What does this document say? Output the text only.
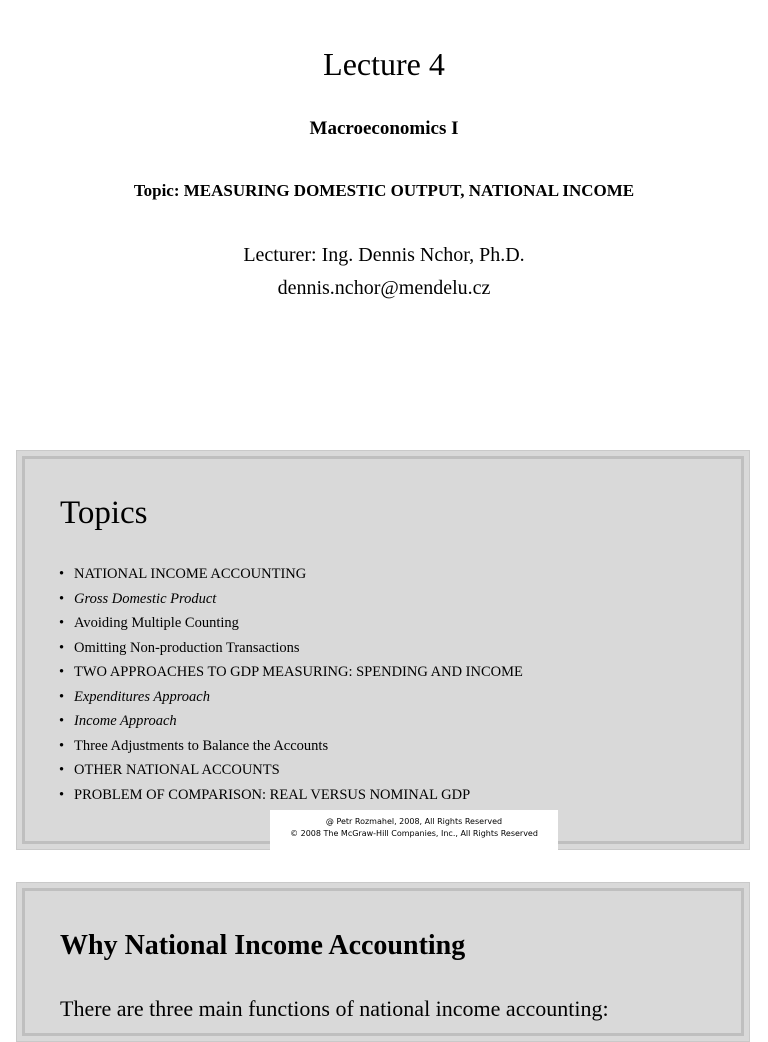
Lecture 4
Macroeconomics I
Topic: MEASURING DOMESTIC OUTPUT, NATIONAL INCOME
Lecturer: Ing. Dennis Nchor, Ph.D.
dennis.nchor@mendelu.cz
Topics
• NATIONAL INCOME ACCOUNTING
• Gross Domestic Product
• Avoiding Multiple Counting
• Omitting Non-production Transactions
• TWO APPROACHES TO GDP MEASURING: SPENDING AND INCOME
• Expenditures Approach
• Income Approach
• Three Adjustments to Balance the Accounts
• OTHER NATIONAL ACCOUNTS
• PROBLEM OF COMPARISON: REAL VERSUS NOMINAL GDP
@ Petr Rozmahel, 2008, All Rights Reserved
© 2008 The McGraw-Hill Companies, Inc., All Rights Reserved
Why National Income Accounting
There are three main functions of national income accounting:
